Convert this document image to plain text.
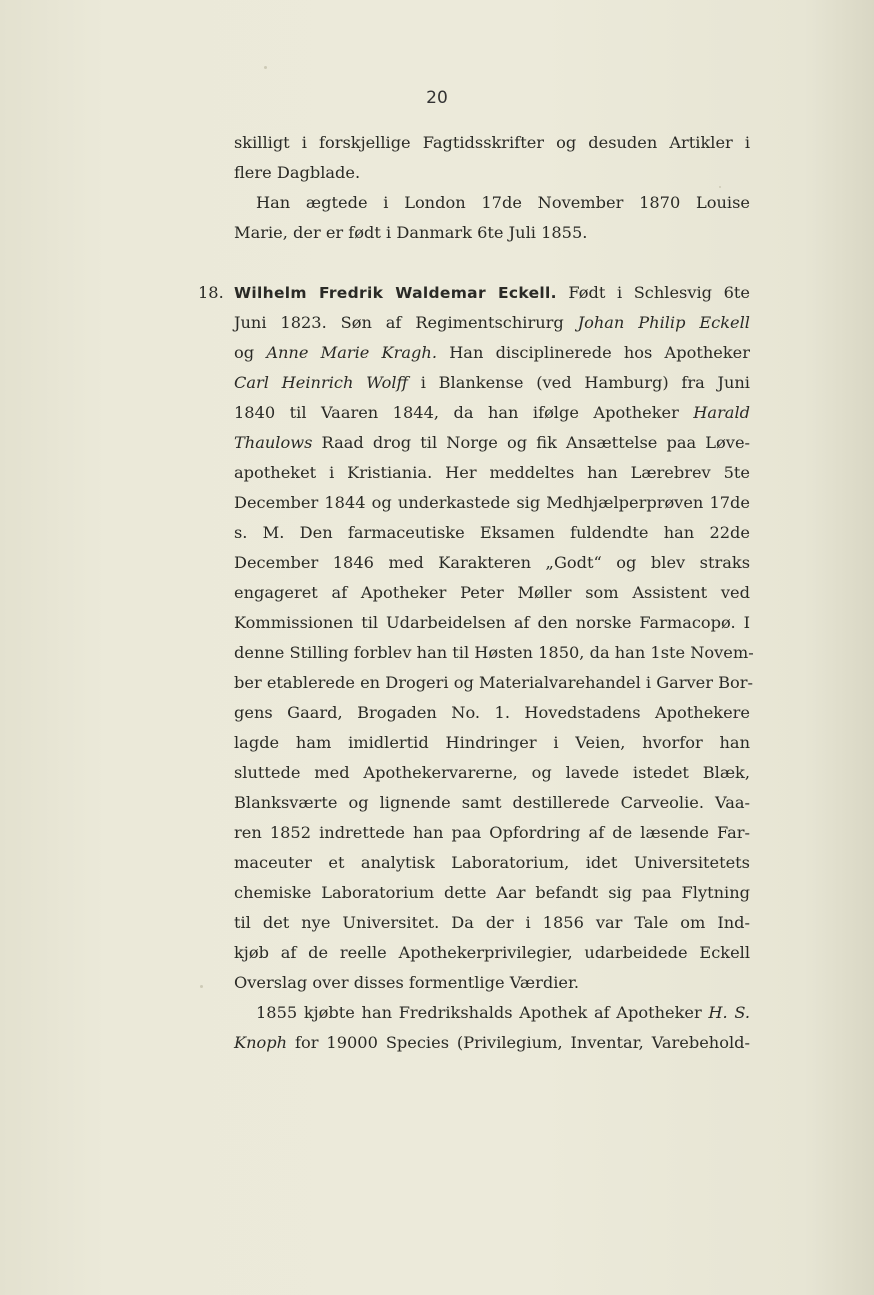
20
skilligt i forskjellige Fagtidsskrifter og desuden Artikler i
flere Dagblade.
Han ægtede i London 17de November 1870 Louise
Marie, der er født i Danmark 6te Juli 1855.
18. Wilhelm Fredrik Waldemar Eckell. Født i Schlesvig 6te
Juni 1823. Søn af Regimentschirurg Johan Philip Eckell
og Anne Marie Kragh. Han disciplinerede hos Apotheker
Carl Heinrich Wolff i Blankense (ved Hamburg) fra Juni
1840 til Vaaren 1844, da han ifølge Apotheker Harald
Thaulows Raad drog til Norge og fik Ansættelse paa Løve-
apotheket i Kristiania. Her meddeltes han Lærebrev 5te
December 1844 og underkastede sig Medhjælperprøven 17de
s. M. Den farmaceutiske Eksamen fuldendte han 22de
December 1846 med Karakteren „Godt“ og blev straks
engageret af Apotheker Peter Møller som Assistent ved
Kommissionen til Udarbeidelsen af den norske Farmacopø. I
denne Stilling forblev han til Høsten 1850, da han 1ste Novem-
ber etablerede en Drogeri og Materialvarehandel i Garver Bor-
gens Gaard, Brogaden No. 1. Hovedstadens Apothekere
lagde ham imidlertid Hindringer i Veien, hvorfor han
sluttede med Apothekervarerne, og lavede istedet Blæk,
Blanksværte og lignende samt destillerede Carveolie. Vaa-
ren 1852 indrettede han paa Opfordring af de læsende Far-
maceuter et analytisk Laboratorium, idet Universitetets
chemiske Laboratorium dette Aar befandt sig paa Flytning
til det nye Universitet. Da der i 1856 var Tale om Ind-
kjøb af de reelle Apothekerprivilegier, udarbeidede Eckell
Overslag over disses formentlige Værdier.
1855 kjøbte han Fredrikshalds Apothek af Apotheker H. S.
Knoph for 19000 Species (Privilegium, Inventar, Varebehold-
